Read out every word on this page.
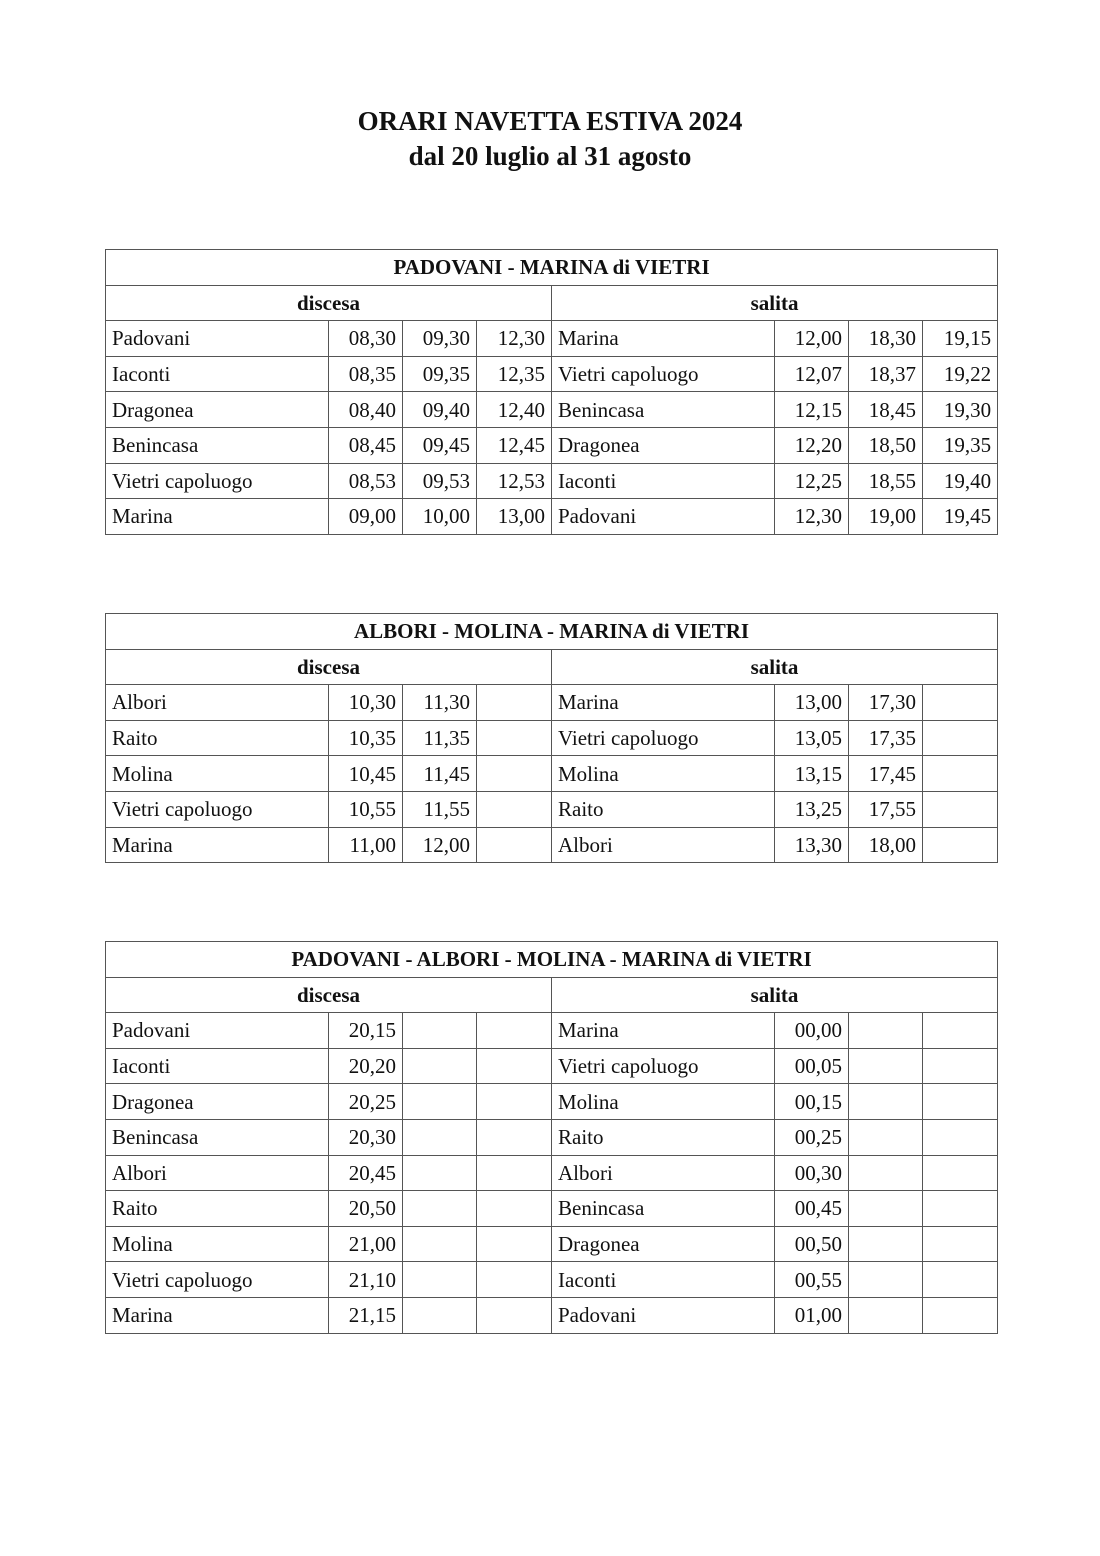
ORARI NAVETTA ESTIVA 2024
dal 20 luglio al 31 agosto
PADOVANI - MARINA di VIETRI							
discesa				salita			
Padovani	08,30	09,30	12,30	Marina	12,00	18,30	19,15
Iaconti	08,35	09,35	12,35	Vietri capoluogo	12,07	18,37	19,22
Dragonea	08,40	09,40	12,40	Benincasa	12,15	18,45	19,30
Benincasa	08,45	09,45	12,45	Dragonea	12,20	18,50	19,35
Vietri capoluogo	08,53	09,53	12,53	Iaconti	12,25	18,55	19,40
Marina	09,00	10,00	13,00	Padovani	12,30	19,00	19,45
ALBORI - MOLINA - MARINA di VIETRI							
discesa				salita			
Albori	10,30	11,30		Marina	13,00	17,30	
Raito	10,35	11,35		Vietri capoluogo	13,05	17,35	
Molina	10,45	11,45		Molina	13,15	17,45	
Vietri capoluogo	10,55	11,55		Raito	13,25	17,55	
Marina	11,00	12,00		Albori	13,30	18,00	
PADOVANI - ALBORI - MOLINA - MARINA di VIETRI							
discesa				salita			
Padovani	20,15			Marina	00,00		
Iaconti	20,20			Vietri capoluogo	00,05		
Dragonea	20,25			Molina	00,15		
Benincasa	20,30			Raito	00,25		
Albori	20,45			Albori	00,30		
Raito	20,50			Benincasa	00,45		
Molina	21,00			Dragonea	00,50		
Vietri capoluogo	21,10			Iaconti	00,55		
Marina	21,15			Padovani	01,00		
